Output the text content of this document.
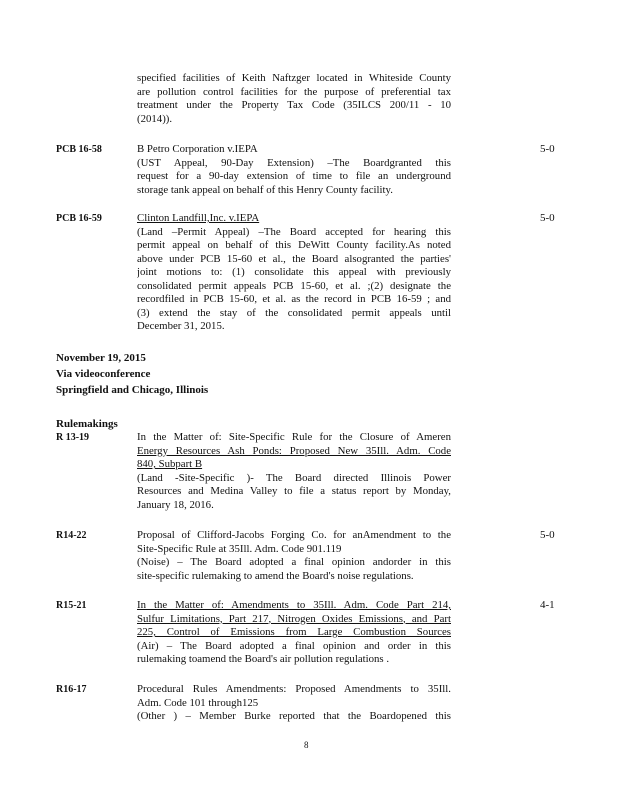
specified facilities of Keith Naftzger located in Whiteside County
are pollution control facilities for the purpose of preferential tax
treatment under the Property Tax Code (35ILCS 200/11 - 10
(2014)).
PCB 16-58	B Petro Corporation v.IEPA
(UST Appeal, 90-Day Extension) –The Boardgranted this
request for a 90-day extension of time to file an underground
storage tank appeal on behalf of this Henry County facility.
5-0
PCB 16-59	Clinton Landfill,Inc. v.IEPA
(Land –Permit Appeal) –The Board accepted for hearing this
permit appeal on behalf of this DeWitt County facility.As noted
above under PCB 15-60 et al., the Board alsogranted the parties'
joint motions to: (1) consolidate this appeal with previously
consolidated permit appeals PCB 15-60, et al. ;(2) designate the
recordfiled in PCB 15-60, et al. as the record in PCB 16-59 ; and
(3) extend the stay of the consolidated permit appeals until
December 31, 2015.
5-0
November 19, 2015
Via videoconference
Springfield and Chicago, Illinois
Rulemakings
R 13-19	In the Matter of: Site-Specific Rule for the Closure of Ameren
Energy Resources Ash Ponds: Proposed New 35Ill. Adm. Code
840, Subpart B
(Land -Site-Specific )- The Board directed Illinois Power
Resources and Medina Valley to file a status report by Monday,
January 18, 2016.
R14-22	Proposal of Clifford-Jacobs Forging Co. for anAmendment to the
Site-Specific Rule at 35Ill. Adm. Code 901.119
(Noise) – The Board adopted a final opinion andorder in this
site-specific rulemaking to amend the Board's noise regulations.
5-0
R15-21	In the Matter of: Amendments to 35Ill. Adm. Code Part 214,
Sulfur Limitations, Part 217, Nitrogen Oxides Emissions, and Part
225, Control of Emissions from Large Combustion Sources
(Air) – The Board adopted a final opinion and order in this
rulemaking toamend the Board's air pollution regulations .
4-1
R16-17	Procedural Rules Amendments: Proposed Amendments to 35Ill.
Adm. Code 101 through125
(Other ) – Member Burke reported that the Boardopened this
8
